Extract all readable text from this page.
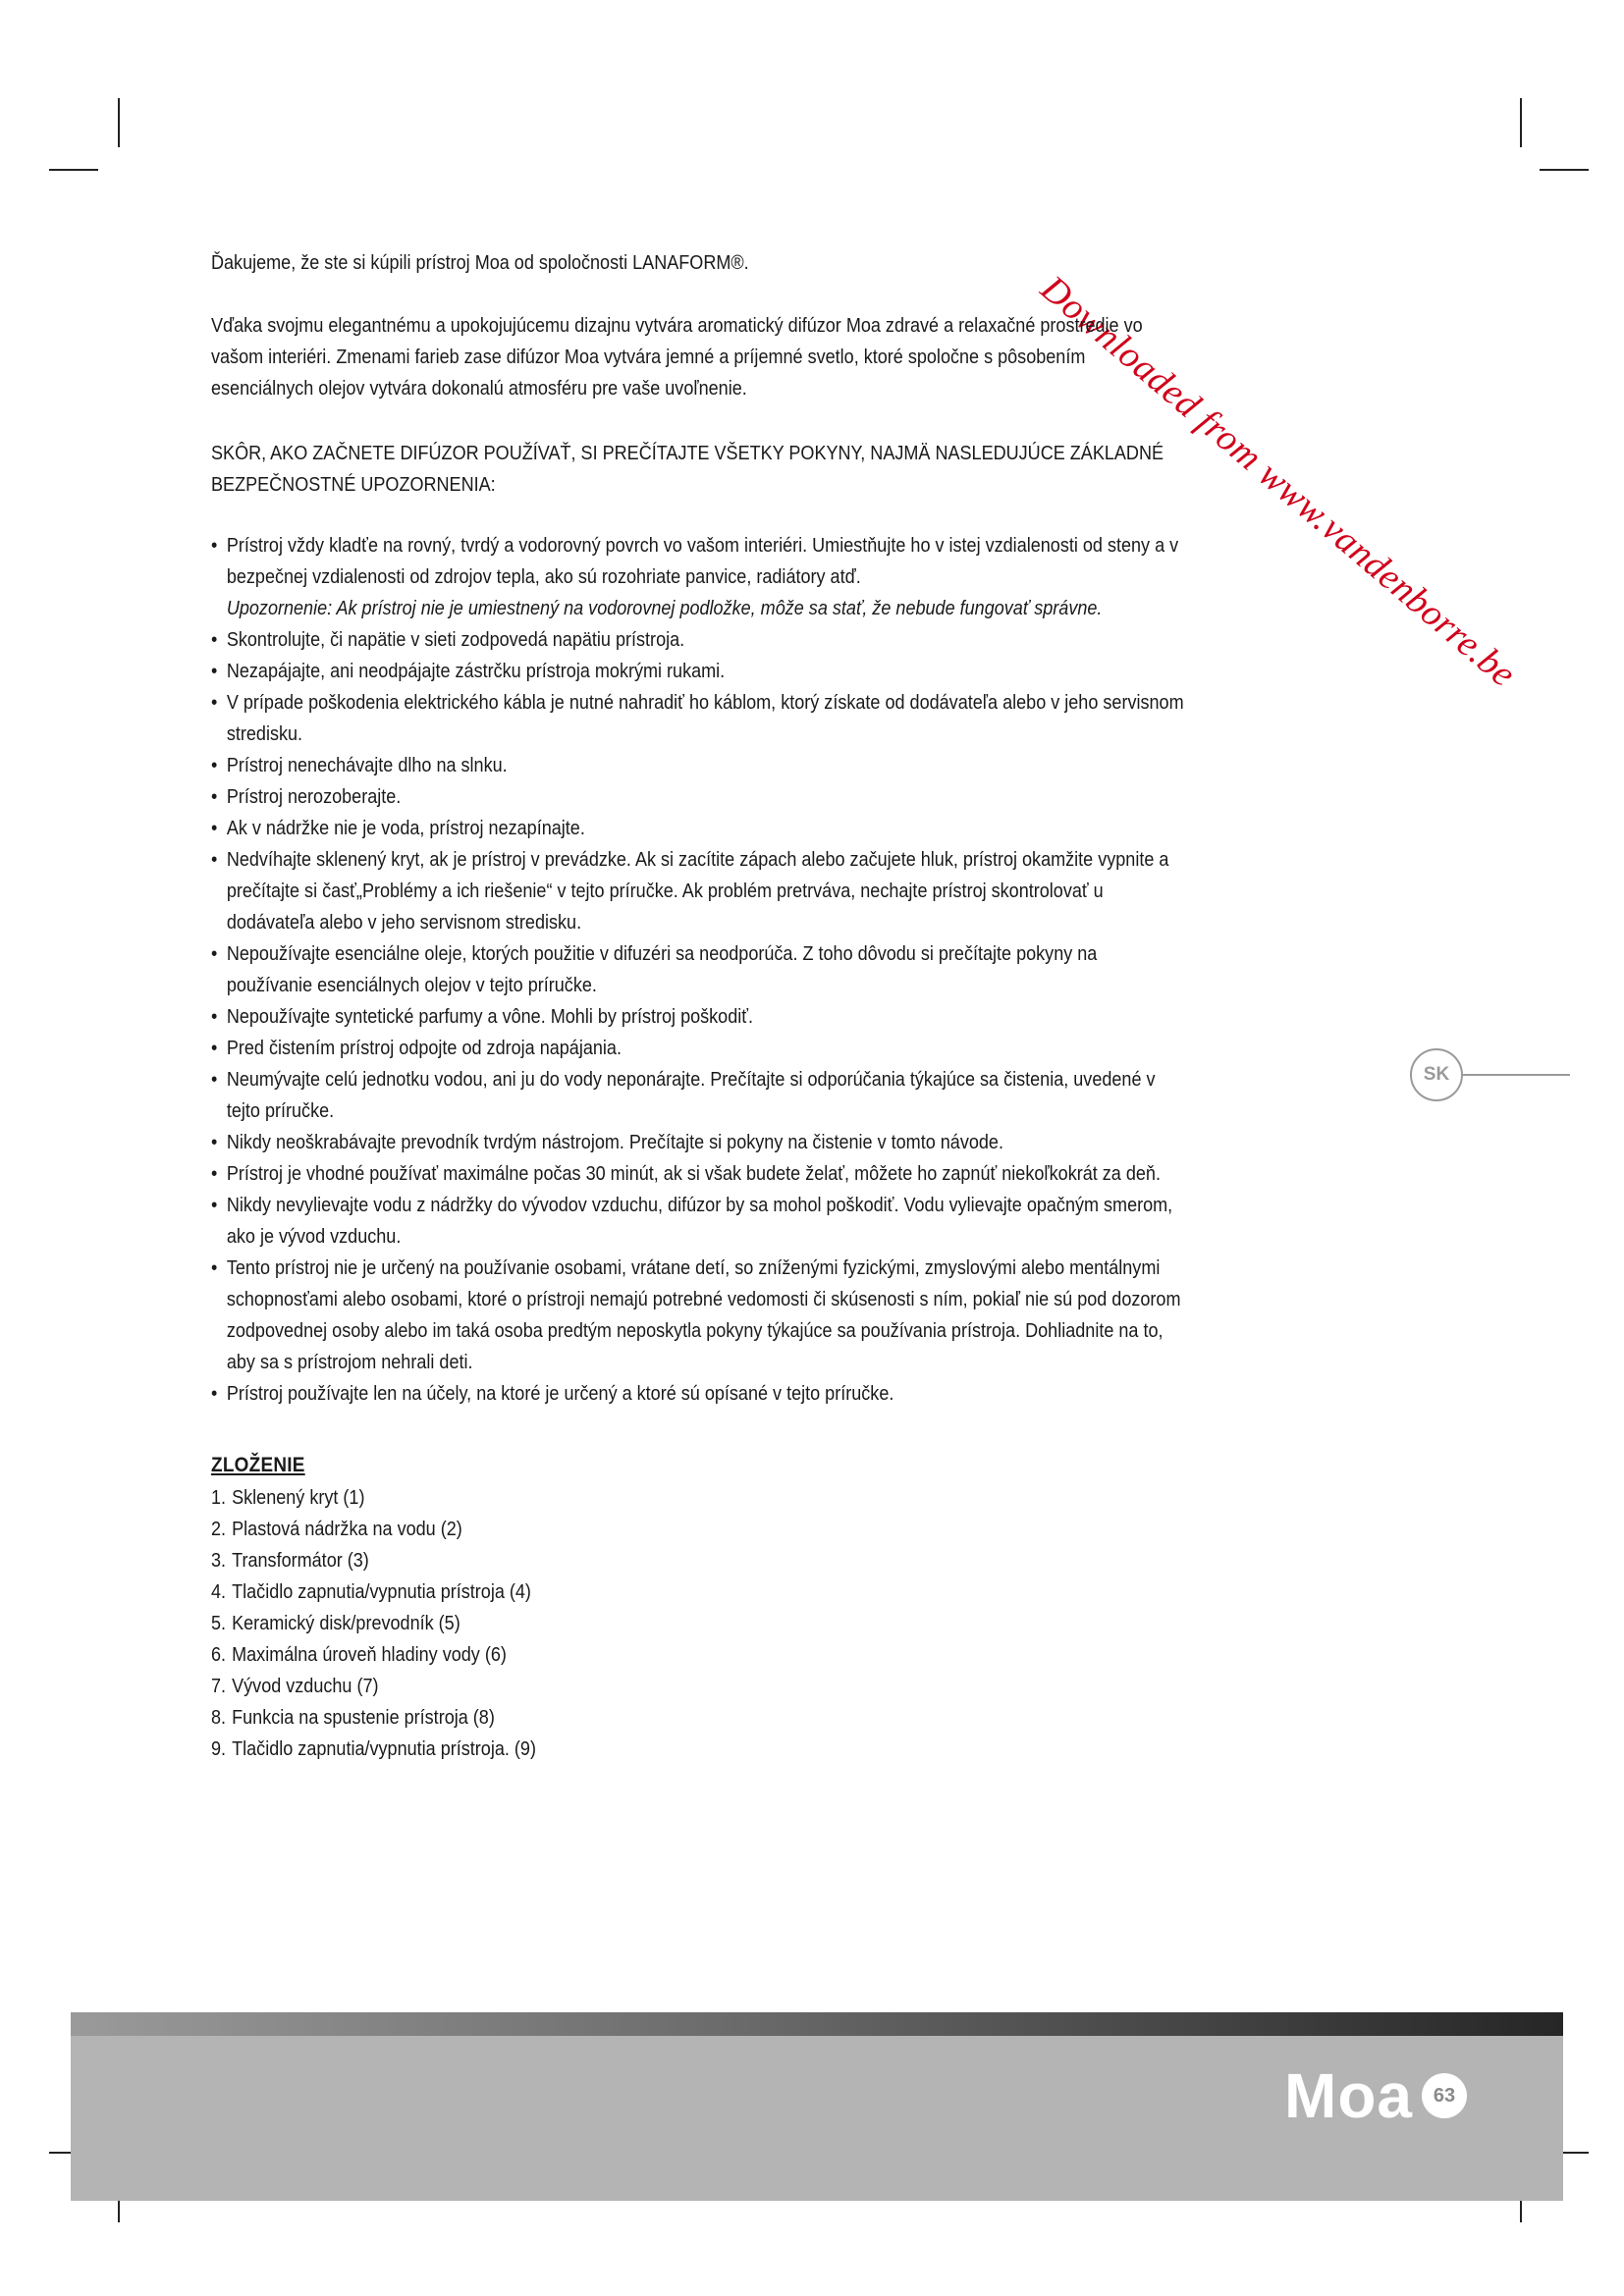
Downloaded from www.vandenborre.be

Ďakujeme, že ste si kúpili prístroj Moa od spoločnosti LANAFORM®.

Vďaka svojmu elegantnému a upokojujúcemu dizajnu vytvára aromatický difúzor Moa zdravé a relaxačné prostredie vo vašom interiéri. Zmenami farieb zase difúzor Moa vytvára jemné a príjemné svetlo, ktoré spoločne s pôsobením esenciálnych olejov vytvára dokonalú atmosféru pre vaše uvoľnenie.

SKÔR, AKO ZAČNETE DIFÚZOR POUŽÍVAŤ, SI PREČÍTAJTE VŠETKY POKYNY, NAJMÄ NASLEDUJÚCE ZÁKLADNÉ BEZPEČNOSTNÉ UPOZORNENIA:

• Prístroj vždy kladťe na rovný, tvrdý a vodorovný povrch vo vašom interiéri. Umiestňujte ho v istej vzdialenosti od steny a v bezpečnej vzdialenosti od zdrojov tepla, ako sú rozohriate panvice, radiátory atď.
Upozornenie: Ak prístroj nie je umiestnený na vodorovnej podložke, môže sa stať, že nebude fungovať správne.
• Skontrolujte, či napätie v sieti zodpovedá napätiu prístroja.
• Nezapájajte, ani neodpájajte zástrčku prístroja mokrými rukami.
• V prípade poškodenia elektrického kábla je nutné nahradiť ho káblom, ktorý získate od dodávateľa alebo v jeho servisnom stredisku.
• Prístroj nenechávajte dlho na slnku.
• Prístroj nerozoberajte.
• Ak v nádržke nie je voda, prístroj nezapínajte.
• Nedvíhajte sklenený kryt, ak je prístroj v prevádzke. Ak si zacítite zápach alebo začujete hluk, prístroj okamžite vypnite a prečítajte si časť„Problémy a ich riešenie“ v tejto príručke. Ak problém pretrváva, nechajte prístroj skontrolovať u dodávateľa alebo v jeho servisnom stredisku.
• Nepoužívajte esenciálne oleje, ktorých použitie v difuzéri sa neodporúča. Z toho dôvodu si prečítajte pokyny na používanie esenciálnych olejov v tejto príručke.
• Nepoužívajte syntetické parfumy a vône. Mohli by prístroj poškodiť.
• Pred čistením prístroj odpojte od zdroja napájania.
• Neumývajte celú jednotku vodou, ani ju do vody neponárajte. Prečítajte si odporúčania týkajúce sa čistenia, uvedené v tejto príručke.
• Nikdy neoškrabávajte prevodník tvrdým nástrojom. Prečítajte si pokyny na čistenie v tomto návode.
• Prístroj je vhodné používať maximálne počas 30 minút, ak si však budete želať, môžete ho zapnúť niekoľkokrát za deň.
• Nikdy nevylievajte vodu z nádržky do vývodov vzduchu, difúzor by sa mohol poškodiť. Vodu vylievajte opačným smerom, ako je vývod vzduchu.
• Tento prístroj nie je určený na používanie osobami, vrátane detí, so zníženými fyzickými, zmyslovými alebo mentálnymi schopnosťami alebo osobami, ktoré o prístroji nemajú potrebné vedomosti či skúsenosti s ním, pokiaľ nie sú pod dozorom zodpovednej osoby alebo im taká osoba predtým neposkytla pokyny týkajúce sa používania prístroja. Dohliadnite na to, aby sa s prístrojom nehrali deti.
• Prístroj používajte len na účely, na ktoré je určený a ktoré sú opísané v tejto príručke.

ZLOŽENIE

1. Sklenený kryt (1)
2. Plastová nádržka na vodu (2)
3. Transformátor (3)
4. Tlačidlo zapnutia/vypnutia prístroja (4)
5. Keramický disk/prevodník (5)
6. Maximálna úroveň hladiny vody (6)
7. Vývod vzduchu (7)
8. Funkcia na spustenie prístroja (8)
9. Tlačidlo zapnutia/vypnutia prístroja. (9)
SK
Moa	63
